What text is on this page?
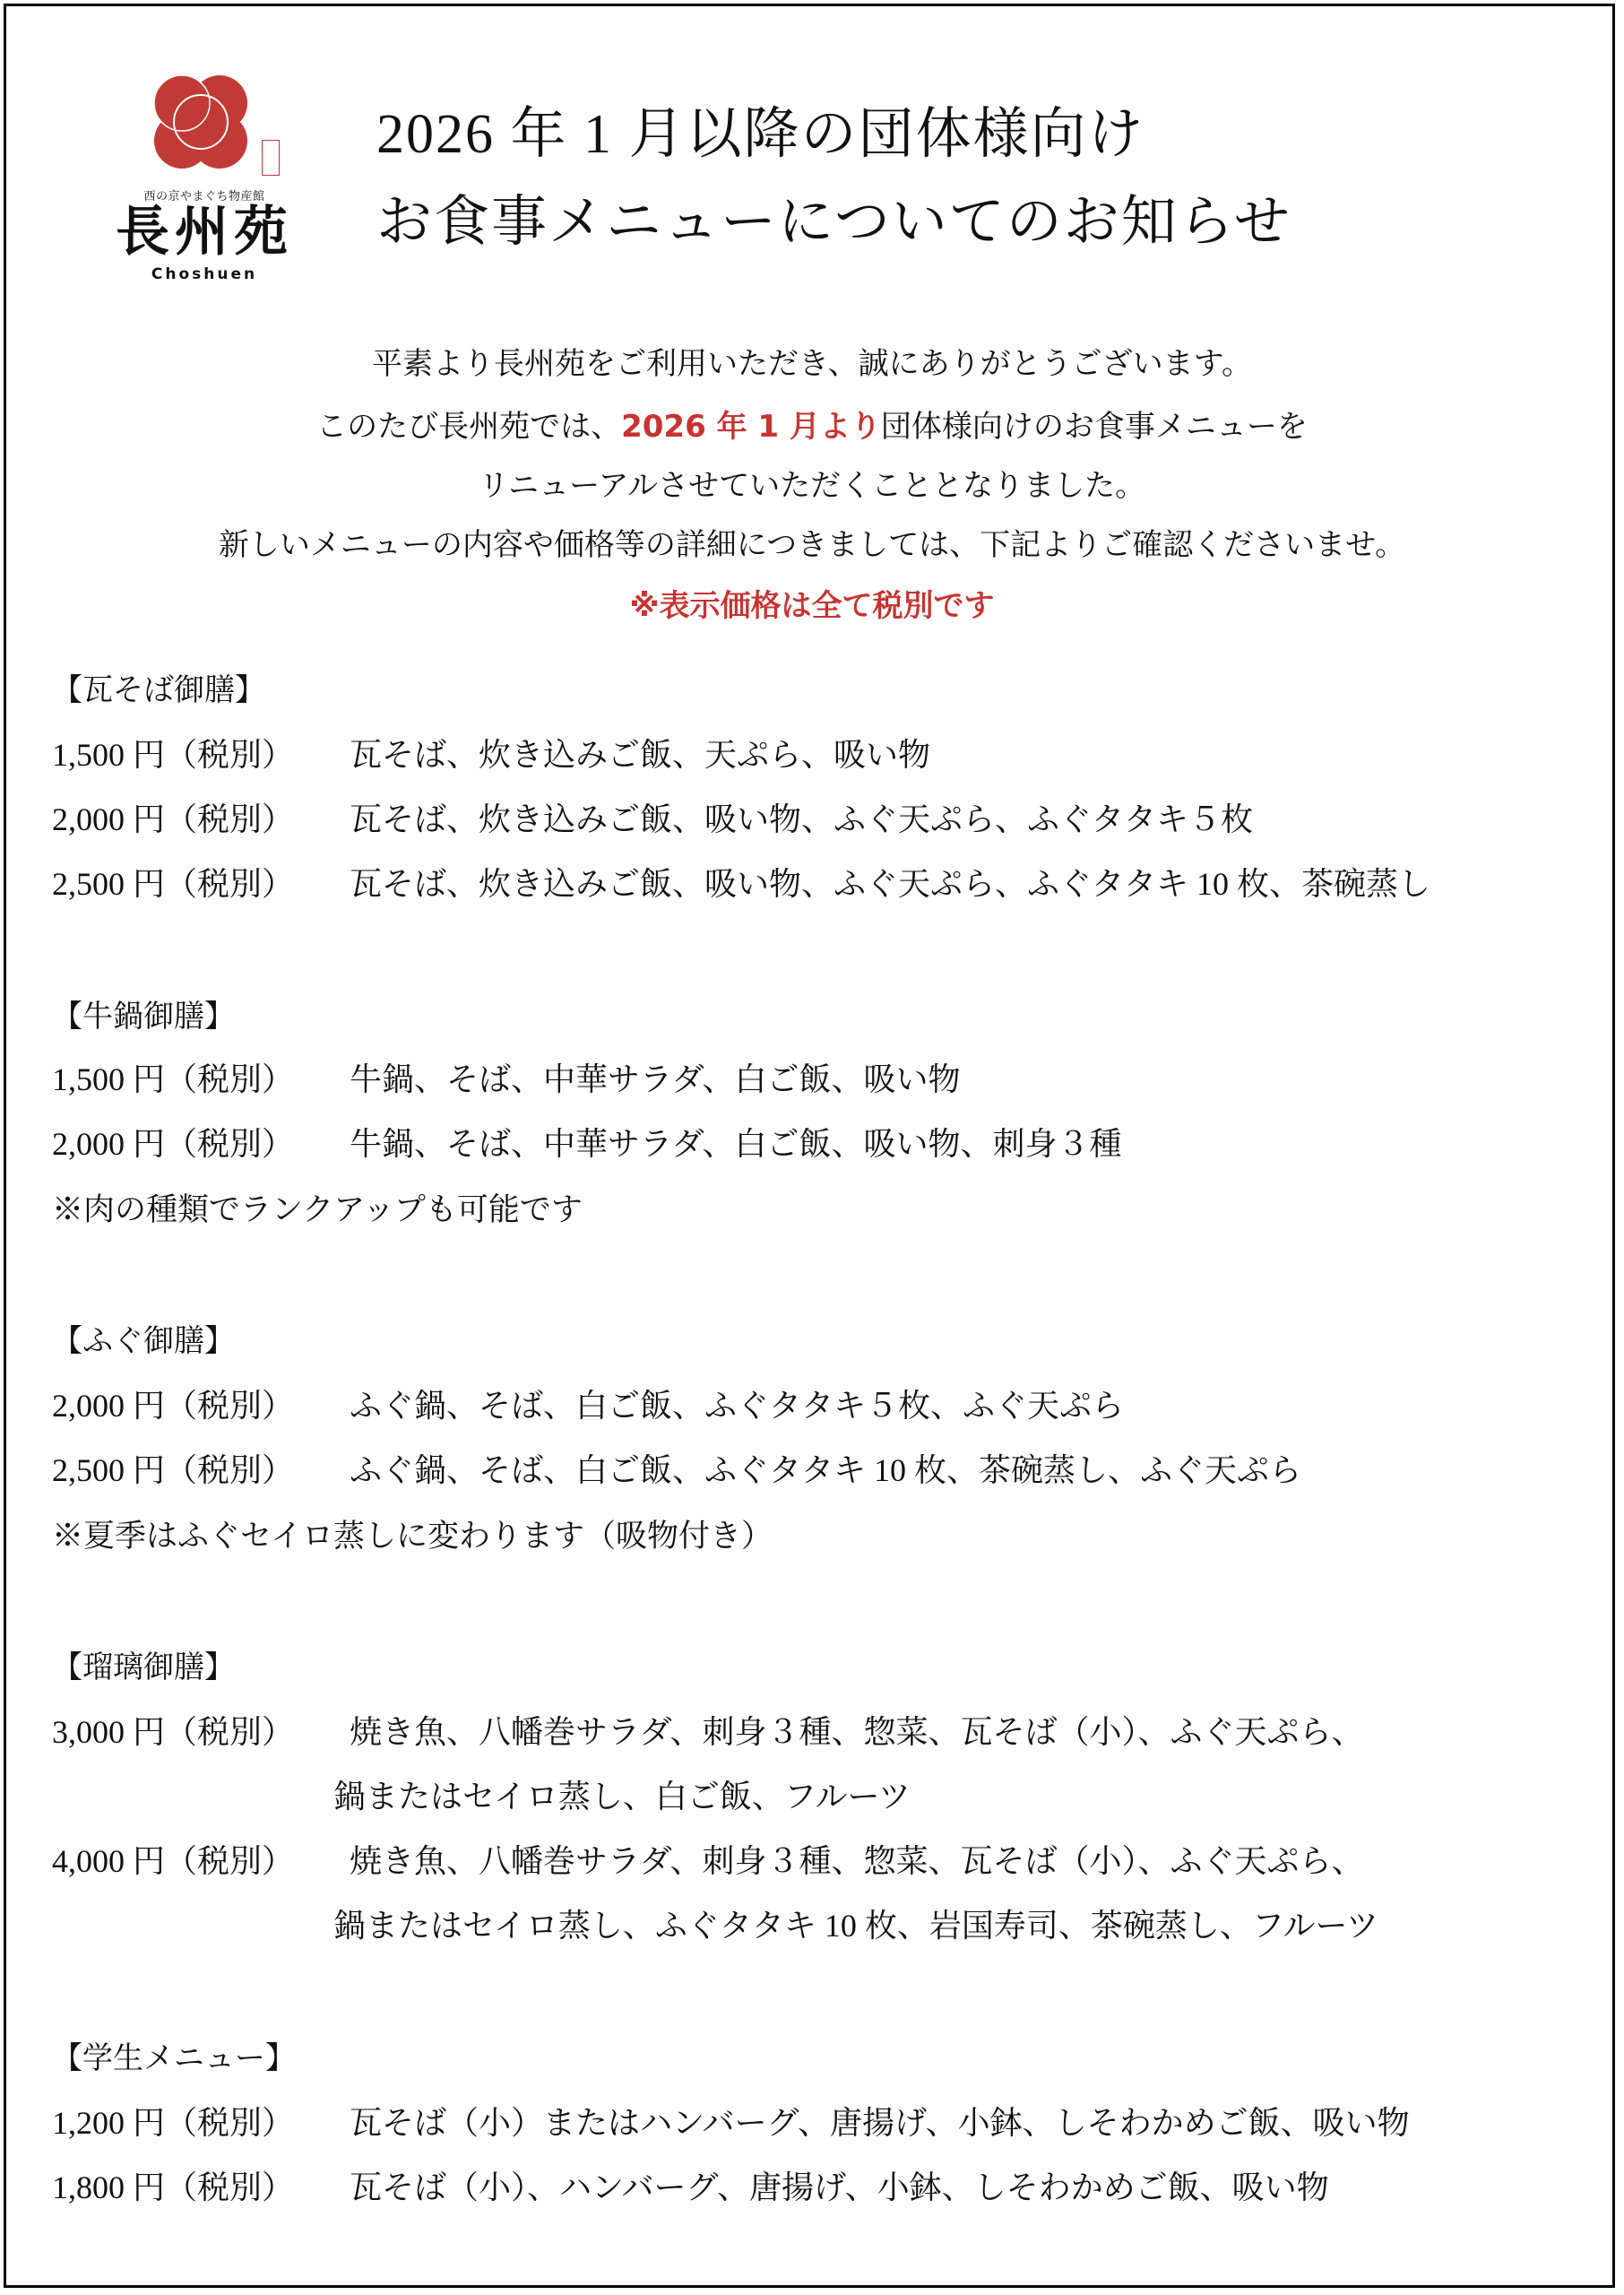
西の京やまぐち物産館
長州苑
Choshuen
2026 年 1 月以降の団体様向け
お食事メニューについてのお知らせ
平素より長州苑をご利用いただき、誠にありがとうございます。
このたび長州苑では、2026 年 1 月より団体様向けのお食事メニューを
リニューアルさせていただくこととなりました。
新しいメニューの内容や価格等の詳細につきましては、下記よりご確認くださいませ。
※表示価格は全て税別です
【瓦そば御膳】
1,500 円（税別） 瓦そば、炊き込みご飯、天ぷら、吸い物
2,000 円（税別） 瓦そば、炊き込みご飯、吸い物、ふぐ天ぷら、ふぐタタキ５枚
2,500 円（税別） 瓦そば、炊き込みご飯、吸い物、ふぐ天ぷら、ふぐタタキ 10 枚、茶碗蒸し
【牛鍋御膳】
1,500 円（税別） 牛鍋、そば、中華サラダ、白ご飯、吸い物
2,000 円（税別） 牛鍋、そば、中華サラダ、白ご飯、吸い物、刺身３種
※肉の種類でランクアップも可能です
【ふぐ御膳】
2,000 円（税別） ふぐ鍋、そば、白ご飯、ふぐタタキ５枚、ふぐ天ぷら
2,500 円（税別） ふぐ鍋、そば、白ご飯、ふぐタタキ 10 枚、茶碗蒸し、ふぐ天ぷら
※夏季はふぐセイロ蒸しに変わります（吸物付き）
【瑠璃御膳】
3,000 円（税別） 焼き魚、八幡巻サラダ、刺身３種、惣菜、瓦そば（小）、ふぐ天ぷら、
鍋またはセイロ蒸し、白ご飯、フルーツ
4,000 円（税別） 焼き魚、八幡巻サラダ、刺身３種、惣菜、瓦そば（小）、ふぐ天ぷら、
鍋またはセイロ蒸し、ふぐタタキ 10 枚、岩国寿司、茶碗蒸し、フルーツ
【学生メニュー】
1,200 円（税別） 瓦そば（小）またはハンバーグ、唐揚げ、小鉢、しそわかめご飯、吸い物
1,800 円（税別） 瓦そば（小）、ハンバーグ、唐揚げ、小鉢、しそわかめご飯、吸い物
